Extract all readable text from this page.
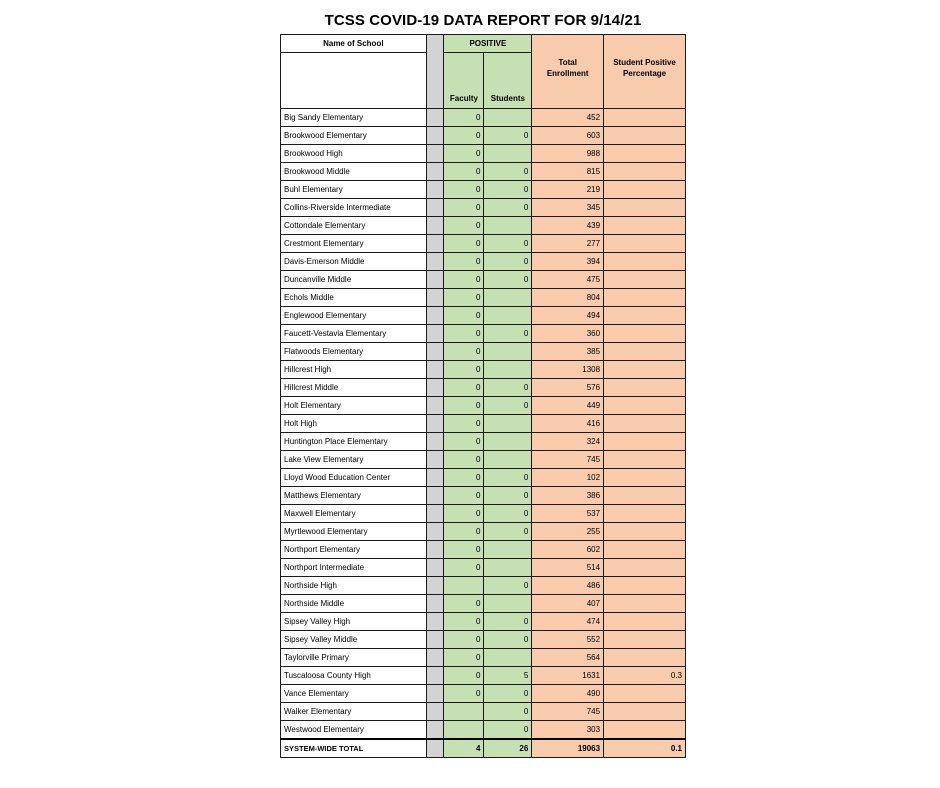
TCSS COVID-19 DATA REPORT FOR 9/14/21
Name of School		POSITIVE		Total
Enrollment	Student Positive
Percentage
		Faculty	Students		
Big Sandy Elementary		0		452	
Brookwood Elementary		0	0	603	
Brookwood High		0		988	
Brookwood Middle		0	0	815	
Buhl Elementary		0	0	219	
Collins-Riverside Intermediate		0	0	345	
Cottondale Elementary		0		439	
Crestmont Elementary		0	0	277	
Davis-Emerson Middle		0	0	394	
Duncanville Middle		0	0	475	
Echols Middle		0		804	
Englewood Elementary		0		494	
Faucett-Vestavia Elementary		0	0	360	
Flatwoods Elementary		0		385	
Hillcrest High		0		1308	
Hillcrest Middle		0	0	576	
Holt Elementary		0	0	449	
Holt High		0		416	
Huntington Place Elementary		0		324	
Lake View Elementary		0		745	
Lloyd Wood Education Center		0	0	102	
Matthews Elementary		0	0	386	
Maxwell Elementary		0	0	537	
Myrtlewood Elementary		0	0	255	
Northport Elementary		0		602	
Northport Intermediate		0		514	
Northside High			0	486	
Northside Middle		0		407	
Sipsey Valley High		0	0	474	
Sipsey Valley Middle		0	0	552	
Taylorville Primary		0		564	
Tuscaloosa County High		0	5	1631	0.3
Vance Elementary		0	0	490	
Walker Elementary			0	745	
Westwood Elementary			0	303	
SYSTEM-WIDE TOTAL		4	26	19063	0.1
